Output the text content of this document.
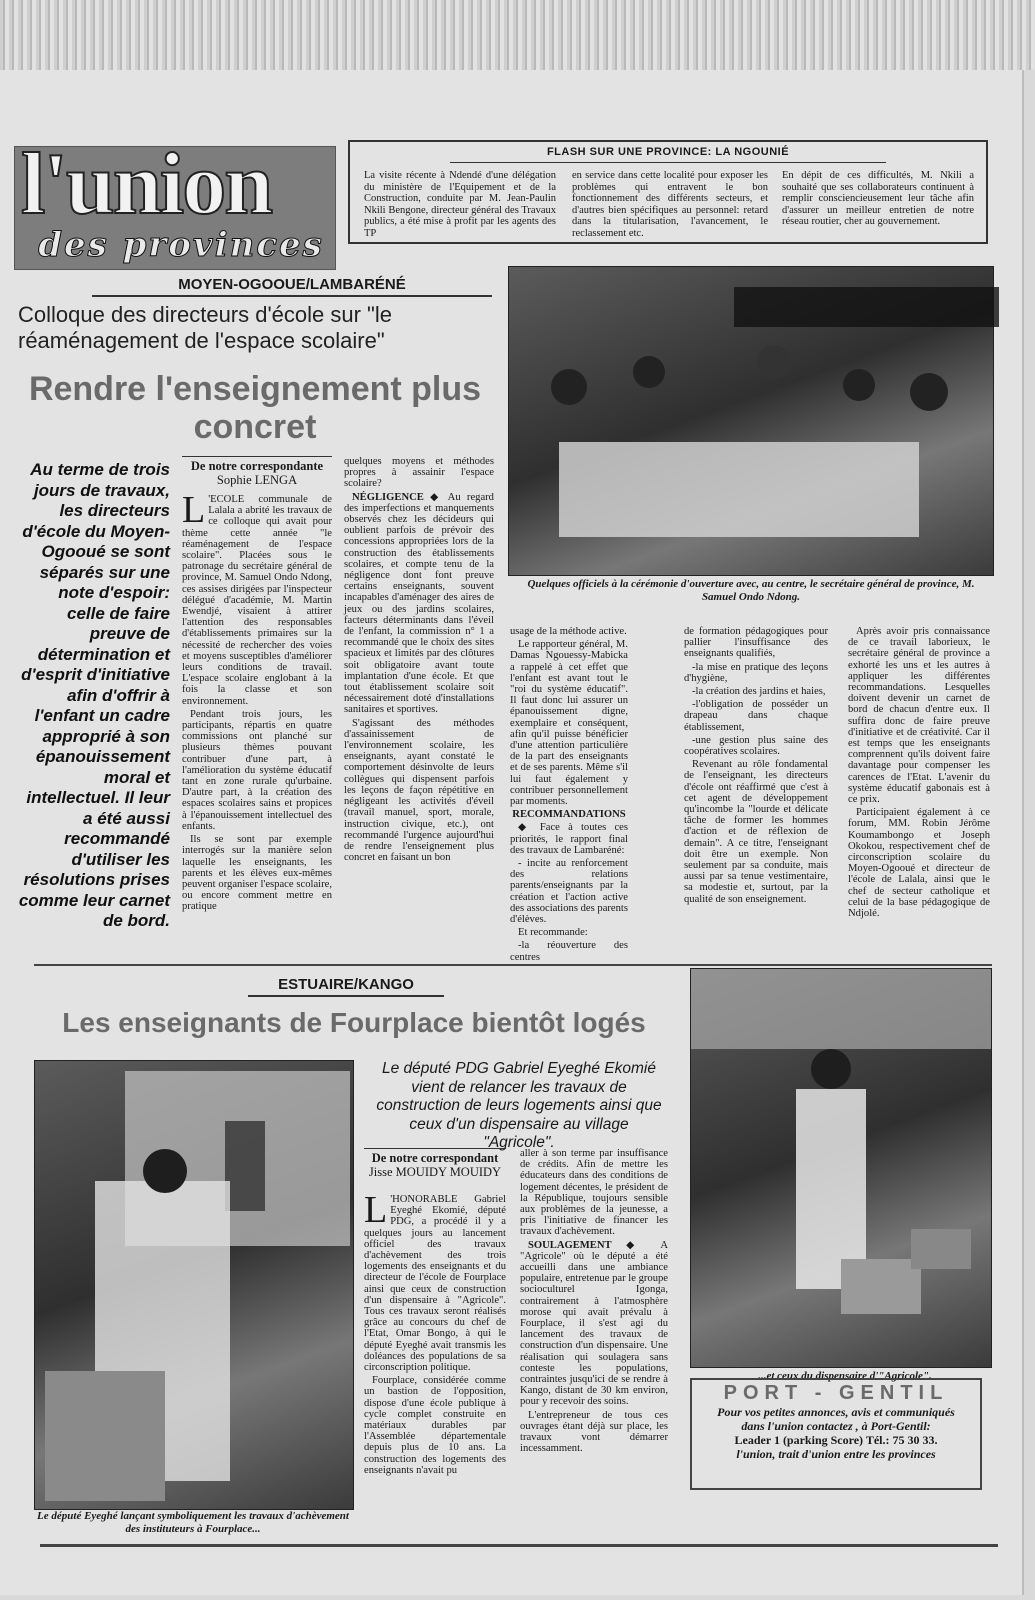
l'union
des provinces
FLASH SUR UNE PROVINCE: LA NGOUNIÉ
La visite récente à Ndendé d'une délégation du ministère de l'Equipement et de la Construction, conduite par M. Jean-Paulin Nkili Bengone, directeur général des Travaux publics, a été mise à profit par les agents des TP
en service dans cette localité pour exposer les problèmes qui entravent le bon fonctionnement des différents secteurs, et d'autres bien spécifiques au personnel: retard dans la titularisation, l'avancement, le reclassement etc.
En dépit de ces difficultés, M. Nkili a souhaité que ses collaborateurs continuent à remplir consciencieusement leur tâche afin d'assurer un meilleur entretien de notre réseau routier, cher au gouvernement.
MOYEN-OGOOUE/LAMBARÉNÉ
Colloque des directeurs d'école sur "le réaménagement de l'espace scolaire"
Rendre l'enseignement plus concret
Au terme de trois jours de travaux, les directeurs d'école du Moyen-Ogooué se sont séparés sur une note d'espoir: celle de faire preuve de détermination et d'esprit d'initiative afin d'offrir à l'enfant un cadre approprié à son épanouissement moral et intellectuel. Il leur a été aussi recommandé d'utiliser les résolutions prises comme leur carnet de bord.
De notre correspondante
Sophie LENGA

L 'ECOLE communale de Lalala a abrité les travaux de ce colloque qui avait pour thème cette année "le réaménagement de l'espace scolaire". Placées sous le patronage du secrétaire général de province, M. Samuel Ondo Ndong, ces assises dirigées par l'inspecteur délégué d'académie, M. Martin Ewendjé, visaient à attirer l'attention des responsables d'établissements primaires sur la nécessité de rechercher des voies et moyens susceptibles d'améliorer leurs conditions de travail. L'espace scolaire englobant à la fois la classe et son environnement.

Pendant trois jours, les participants, répartis en quatre commissions ont planché sur plusieurs thèmes pouvant contribuer d'une part, à l'amélioration du système éducatif tant en zone rurale qu'urbaine. D'autre part, à la création des espaces scolaires sains et propices à l'épanouissement intellectuel des enfants.

Ils se sont par exemple interrogés sur la manière selon laquelle les enseignants, les parents et les élèves eux-mêmes peuvent organiser l'espace scolaire, ou encore comment mettre en pratique

quelques moyens et méthodes propres à assainir l'espace scolaire?

NÉGLIGENCE ◆ Au regard des imperfections et manquements observés chez les décideurs qui oublient parfois de prévoir des concessions appropriées lors de la construction des établissements scolaires, et compte tenu de la négligence dont font preuve certains enseignants, souvent incapables d'aménager des aires de jeux ou des jardins scolaires, facteurs déterminants dans l'éveil de l'enfant, la commission n° 1 a recommandé que le choix des sites spacieux et limités par des clôtures soit obligatoire avant toute implantation d'une école. Et que tout établissement scolaire soit nécessairement doté d'installations sanitaires et sportives.

S'agissant des méthodes d'assainissement de l'environnement scolaire, les enseignants, ayant constaté le comportement désinvolte de leurs collègues qui dispensent parfois les leçons de façon répétitive en négligeant les activités d'éveil (travail manuel, sport, morale, instruction civique, etc.), ont recommandé l'urgence aujourd'hui de rendre l'enseignement plus concret en faisant un bon

Quelques officiels à la cérémonie d'ouverture avec, au centre, le secrétaire général de province, M. Samuel Ondo Ndong.

usage de la méthode active.

Le rapporteur général, M. Damas Ngouessy-Mabicka a rappelé à cet effet que l'enfant est avant tout le "roi du système éducatif". Il faut donc lui assurer un épanouissement digne, exemplaire et conséquent, afin qu'il puisse bénéficier d'une attention particulière de la part des enseignants et de ses parents. Même s'il lui faut également y contribuer personnellement par moments.

RECOMMANDATIONS

◆ Face à toutes ces priorités, le rapport final des travaux de Lambaréné:

- incite au renforcement des relations parents/enseignants par la création et l'action active des associations des parents d'élèves.

Et recommande:

-la réouverture des centres

de formation pédagogiques pour pallier l'insuffisance des enseignants qualifiés,

-la mise en pratique des leçons d'hygiène,

-la création des jardins et haies,

-l'obligation de posséder un drapeau dans chaque établissement,

-une gestion plus saine des coopératives scolaires.

Revenant au rôle fondamental de l'enseignant, les directeurs d'école ont réaffirmé que c'est à cet agent de développement qu'incombe la "lourde et délicate tâche de former les hommes d'action et de réflexion de demain". A ce titre, l'enseignant doit être un exemple. Non seulement par sa conduite, mais aussi par sa tenue vestimentaire, sa modestie et, surtout, par la qualité de son enseignement.

Après avoir pris connaissance de ce travail laborieux, le secrétaire général de province a exhorté les uns et les autres à appliquer les différentes recommandations. Lesquelles doivent devenir un carnet de bord de chacun d'entre eux. Il suffira donc de faire preuve d'initiative et de créativité. Car il est temps que les enseignants comprennent qu'ils doivent faire davantage pour compenser les carences de l'Etat. L'avenir du système éducatif gabonais est à ce prix.

Participaient également à ce forum, MM. Robin Jérôme Koumambongo et Joseph Okokou, respectivement chef de circonscription scolaire du Moyen-Ogooué et directeur de l'école de Lalala, ainsi que le chef de secteur catholique et celui de la base pédagogique de Ndjolé.

ESTUAIRE/KANGO
Les enseignants de Fourplace bientôt logés
Le député Eyeghé lançant symboliquement les travaux d'achèvement des instituteurs à Fourplace...
Le député PDG Gabriel Eyeghé Ekomié vient de relancer les travaux de construction de leurs logements ainsi que ceux d'un dispensaire au village "Agricole".
De notre correspondant
Jisse MOUIDY MOUIDY

L 'HONORABLE Gabriel Eyeghé Ekomié, député PDG, a procédé il y a quelques jours au lancement officiel des travaux d'achèvement des trois logements des enseignants et du directeur de l'école de Fourplace ainsi que ceux de construction d'un dispensaire à "Agricole". Tous ces travaux seront réalisés grâce au concours du chef de l'Etat, Omar Bongo, à qui le député Eyeghé avait transmis les doléances des populations de sa circonscription politique.

Fourplace, considérée comme un bastion de l'opposition, dispose d'une école publique à cycle complet construite en matériaux durables par l'Assemblée départementale depuis plus de 10 ans. La construction des logements des enseignants n'avait pu

aller à son terme par insuffisance de crédits. Afin de mettre les éducateurs dans des conditions de logement décentes, le président de la République, toujours sensible aux problèmes de la jeunesse, a pris l'initiative de financer les travaux d'achèvement.

SOULAGEMENT ◆ A "Agricole" où le député a été accueilli dans une ambiance populaire, entretenue par le groupe socioculturel Igonga, contrairement à l'atmosphère morose qui avait prévalu à Fourplace, il s'est agi du lancement des travaux de construction d'un dispensaire. Une réalisation qui soulagera sans conteste les populations, contraintes jusqu'ici de se rendre à Kango, distant de 30 km environ, pour y recevoir des soins.

L'entrepreneur de tous ces ouvrages étant déjà sur place, les travaux vont démarrer incessamment.

...et ceux du dispensaire d'"Agricole".
PORT - GENTIL
Pour vos petites annonces, avis et communiqués
dans l'union contactez , à Port-Gentil:
Leader 1 (parking Score) Tél.: 75 30 33.
l'union, trait d'union entre les provinces
